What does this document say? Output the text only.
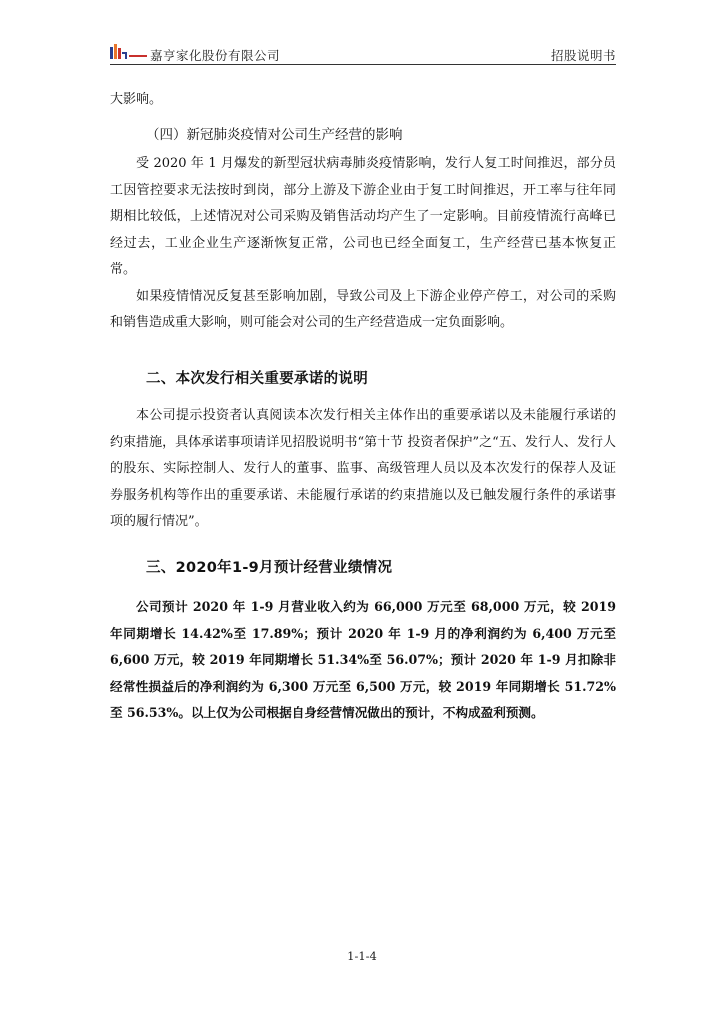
嘉亨家化股份有限公司	招股说明书

大影响。

（四）新冠肺炎疫情对公司生产经营的影响

受 2020 年 1 月爆发的新型冠状病毒肺炎疫情影响，发行人复工时间推迟，部分员工因管控要求无法按时到岗，部分上游及下游企业由于复工时间推迟，开工率与往年同期相比较低，上述情况对公司采购及销售活动均产生了一定影响。目前疫情流行高峰已经过去，工业企业生产逐渐恢复正常，公司也已经全面复工，生产经营已基本恢复正常。

如果疫情情况反复甚至影响加剧，导致公司及上下游企业停产停工，对公司的采购和销售造成重大影响，则可能会对公司的生产经营造成一定负面影响。

二、本次发行相关重要承诺的说明

本公司提示投资者认真阅读本次发行相关主体作出的重要承诺以及未能履行承诺的约束措施，具体承诺事项请详见招股说明书“第十节 投资者保护”之“五、发行人、发行人的股东、实际控制人、发行人的董事、监事、高级管理人员以及本次发行的保荐人及证券服务机构等作出的重要承诺、未能履行承诺的约束措施以及已触发履行条件的承诺事项的履行情况”。

三、2020年1-9月预计经营业绩情况

公司预计 2020 年 1-9 月营业收入约为 66,000 万元至 68,000 万元，较 2019 年同期增长 14.42%至 17.89%；预计 2020 年 1-9 月的净利润约为 6,400 万元至 6,600 万元，较 2019 年同期增长 51.34%至 56.07%；预计 2020 年 1-9 月扣除非经常性损益后的净利润约为 6,300 万元至 6,500 万元，较 2019 年同期增长 51.72%至 56.53%。以上仅为公司根据自身经营情况做出的预计，不构成盈利预测。

1-1-4
